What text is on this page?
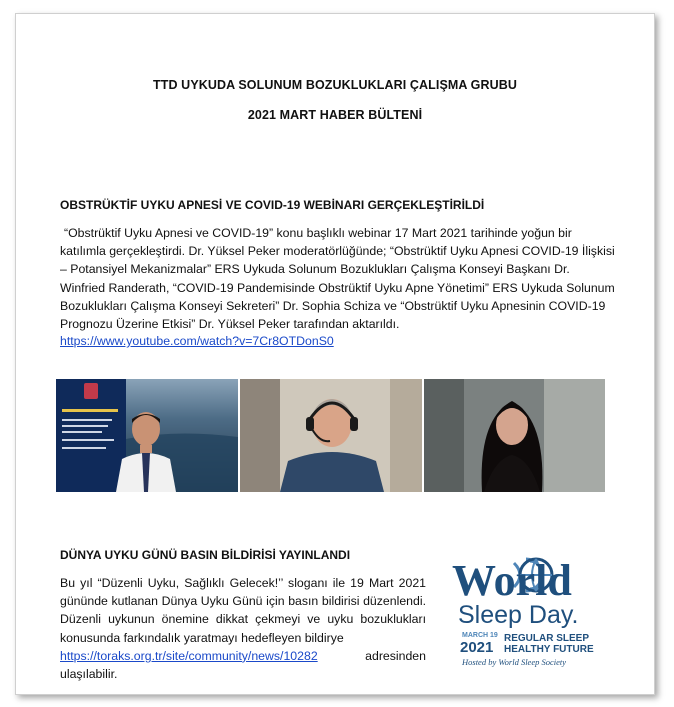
TTD UYKUDA SOLUNUM BOZUKLUKLARI ÇALIŞMA GRUBU
2021 MART HABER BÜLTENİ
OBSTRÜKTİF UYKU APNESİ VE COVID-19 WEBİNARI GERÇEKLEŞTİRİLDİ
“Obstrüktif Uyku Apnesi ve COVID-19” konu başlıklı webinar 17 Mart 2021 tarihinde yoğun bir katılımla gerçekleştirdi. Dr. Yüksel Peker moderatörlüğünde; “Obstrüktif Uyku Apnesi COVID-19 İlişkisi – Potansiyel Mekanizmalar” ERS Uykuda Solunum Bozuklukları Çalışma Konseyi Başkanı Dr. Winfried Randerath, “COVID-19 Pandemisinde Obstrüktif Uyku Apne Yönetimi” ERS Uykuda Solunum Bozuklukları Çalışma Konseyi Sekreteri” Dr. Sophia Schiza ve “Obstrüktif Uyku Apnesinin COVID-19 Prognozu Üzerine Etkisi” Dr. Yüksel Peker tarafından aktarıldı.
https://www.youtube.com/watch?v=7Cr8OTDonS0
DÜNYA UYKU GÜNÜ BASIN BİLDİRİSİ YAYINLANDI
Bu yıl “Düzenli Uyku, Sağlıklı Gelecek!’’ sloganı ile 19 Mart 2021 gününde kutlanan Dünya Uyku Günü için basın bildirisi düzenlendi. Düzenli uykunun önemine dikkat çekmeyi ve uyku bozuklukları konusunda farkındalık yaratmayı hedefleyen bildirye
https://toraks.org.tr/site/community/news/10282	adresinden
ulaşılabilir.
World
Sleep Day.
MARCH 19
2021
REGULAR SLEEP
HEALTHY FUTURE
Hosted by World Sleep Society
